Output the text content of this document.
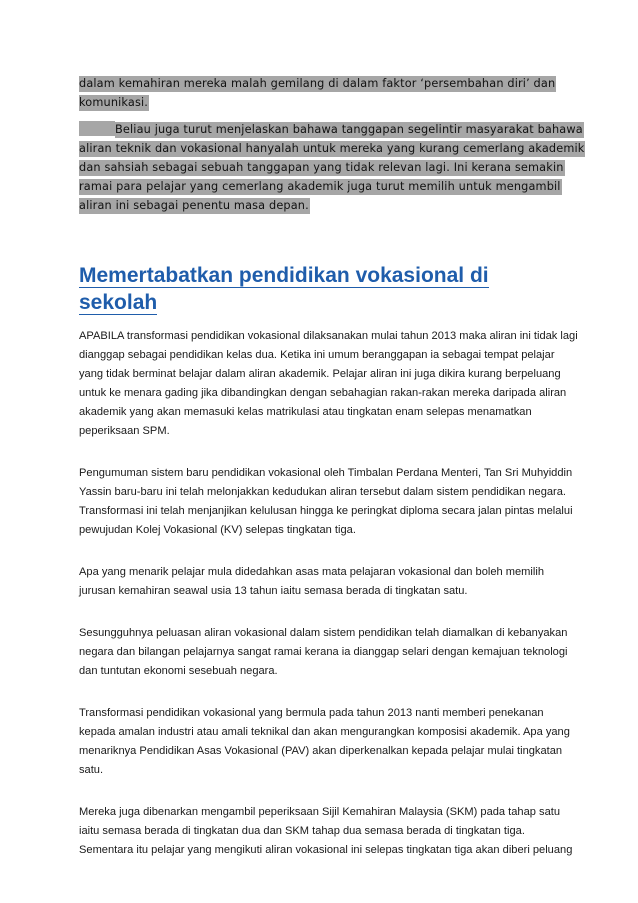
dalam kemahiran mereka malah gemilang di dalam faktor ‘persembahan diri’ dan
komunikasi.
Beliau juga turut menjelaskan bahawa tanggapan segelintir masyarakat bahawa
aliran teknik dan vokasional hanyalah untuk mereka yang kurang cemerlang akademik
dan sahsiah sebagai sebuah tanggapan yang tidak relevan lagi. Ini kerana semakin
ramai para pelajar yang cemerlang akademik juga turut memilih untuk mengambil
aliran ini sebagai penentu masa depan.
Memertabatkan pendidikan vokasional di
sekolah
APABILA transformasi pendidikan vokasional dilaksanakan mulai tahun 2013 maka aliran ini tidak lagi
dianggap sebagai pendidikan kelas dua. Ketika ini umum beranggapan ia sebagai tempat pelajar
yang tidak berminat belajar dalam aliran akademik. Pelajar aliran ini juga dikira kurang berpeluang
untuk ke menara gading jika dibandingkan dengan sebahagian rakan-rakan mereka daripada aliran
akademik yang akan memasuki kelas matrikulasi atau tingkatan enam selepas menamatkan
peperiksaan SPM.
Pengumuman sistem baru pendidikan vokasional oleh Timbalan Perdana Menteri, Tan Sri Muhyiddin
Yassin baru-baru ini telah melonjakkan kedudukan aliran tersebut dalam sistem pendidikan negara.
Transformasi ini telah menjanjikan kelulusan hingga ke peringkat diploma secara jalan pintas melalui
pewujudan Kolej Vokasional (KV) selepas tingkatan tiga.
Apa yang menarik pelajar mula didedahkan asas mata pelajaran vokasional dan boleh memilih
jurusan kemahiran seawal usia 13 tahun iaitu semasa berada di tingkatan satu.
Sesungguhnya peluasan aliran vokasional dalam sistem pendidikan telah diamalkan di kebanyakan
negara dan bilangan pelajarnya sangat ramai kerana ia dianggap selari dengan kemajuan teknologi
dan tuntutan ekonomi sesebuah negara.
Transformasi pendidikan vokasional yang bermula pada tahun 2013 nanti memberi penekanan
kepada amalan industri atau amali teknikal dan akan mengurangkan komposisi akademik. Apa yang
menariknya Pendidikan Asas Vokasional (PAV) akan diperkenalkan kepada pelajar mulai tingkatan
satu.
Mereka juga dibenarkan mengambil peperiksaan Sijil Kemahiran Malaysia (SKM) pada tahap satu
iaitu semasa berada di tingkatan dua dan SKM tahap dua semasa berada di tingkatan tiga.
Sementara itu pelajar yang mengikuti aliran vokasional ini selepas tingkatan tiga akan diberi peluang
